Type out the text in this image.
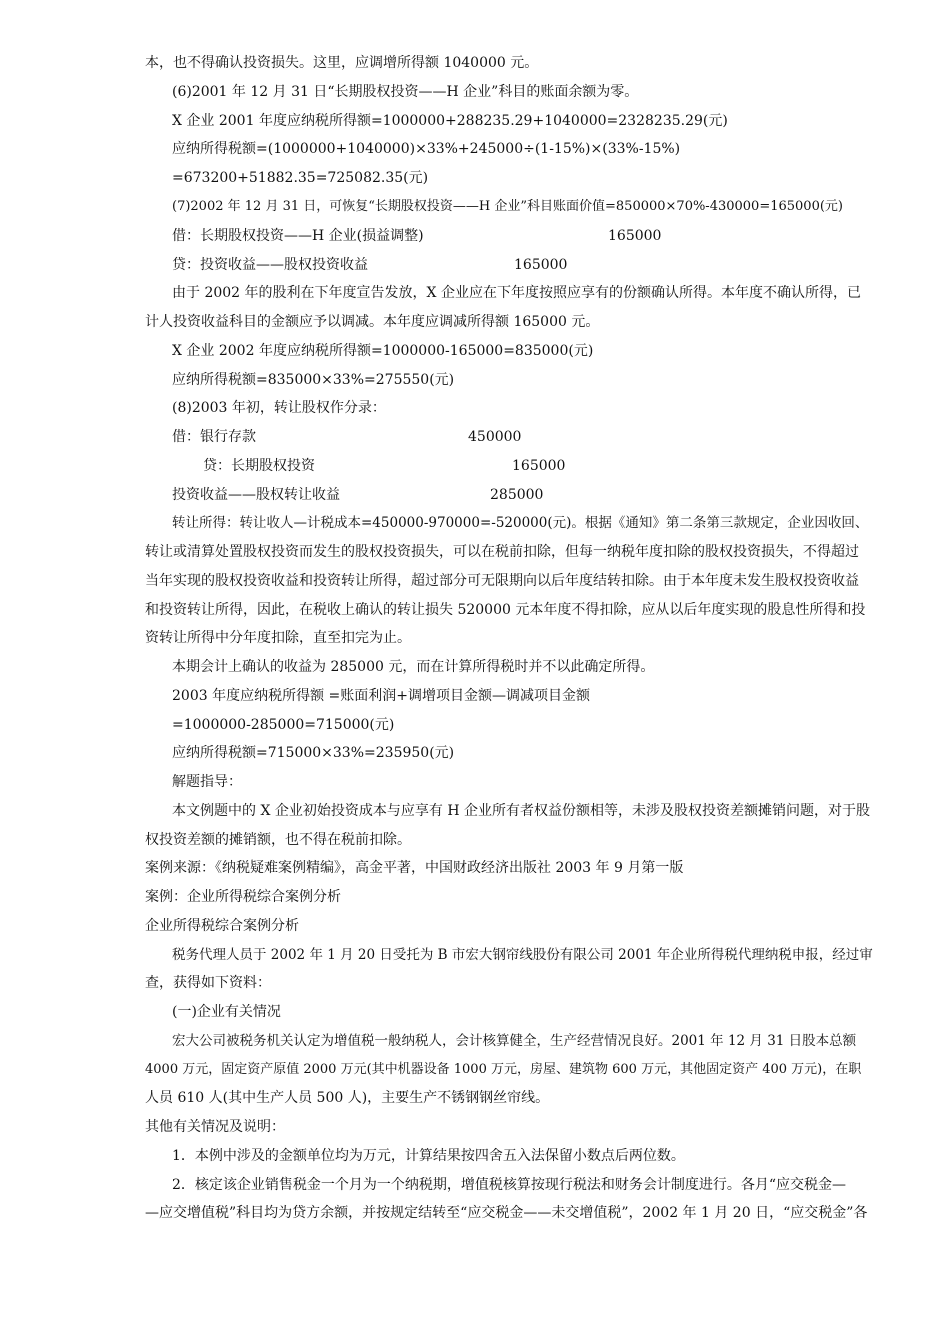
本，也不得确认投资损失。这里，应调增所得额 1040000 元。
(6)2001 年 12 月 31 日“长期股权投资——H 企业”科目的账面余额为零。
X 企业 2001 年度应纳税所得额=1000000+288235.29+1040000=2328235.29(元)
应纳所得税额=(1000000+1040000)×33%+245000÷(1-15%)×(33%-15%)
=673200+51882.35=725082.35(元)
(7)2002 年 12 月 31 日，可恢复“长期股权投资——H 企业”科目账面价值=850000×70%-430000=165000(元)
借：长期股权投资——H 企业(损益调整)	165000
贷：投资收益——股权投资收益	165000
由于 2002 年的股利在下年度宣告发放，X 企业应在下年度按照应享有的份额确认所得。本年度不确认所得，已
计人投资收益科目的金额应予以调减。本年度应调减所得额 165000 元。
X 企业 2002 年度应纳税所得额=1000000-165000=835000(元)
应纳所得税额=835000×33%=275550(元)
(8)2003 年初，转让股权作分录：
借：银行存款	450000
贷：长期股权投资	165000
投资收益——股权转让收益	285000
转让所得：转让收人—计税成本=450000-970000=-520000(元)。根据《通知》第二条第三款规定，企业因收回、
转让或清算处置股权投资而发生的股权投资损失，可以在税前扣除，但每一纳税年度扣除的股权投资损失，不得超过
当年实现的股权投资收益和投资转让所得，超过部分可无限期向以后年度结转扣除。由于本年度未发生股权投资收益
和投资转让所得，因此，在税收上确认的转让损失 520000 元本年度不得扣除，应从以后年度实现的股息性所得和投
资转让所得中分年度扣除，直至扣完为止。
本期会计上确认的收益为 285000 元，而在计算所得税时并不以此确定所得。
2003 年度应纳税所得额 =账面利润+调增项目金额—调减项目金额
=1000000-285000=715000(元)
应纳所得税额=715000×33%=235950(元)
解题指导：
本文例题中的 X 企业初始投资成本与应享有 H 企业所有者权益份额相等，未涉及股权投资差额摊销问题，对于股
权投资差额的摊销额，也不得在税前扣除。
案例来源：《纳税疑难案例精编》，高金平著，中国财政经济出版社 2003 年 9 月第一版
案例：企业所得税综合案例分析
企业所得税综合案例分析
税务代理人员于 2002 年 1 月 20 日受托为 B 市宏大钢帘线股份有限公司 2001 年企业所得税代理纳税申报，经过审
查，获得如下资料：
(一)企业有关情况
宏大公司被税务机关认定为增值税一般纳税人，会计核算健全，生产经营情况良好。2001 年 12 月 31 日股本总额
4000 万元，固定资产原值 2000 万元(其中机器设备 1000 万元，房屋、建筑物 600 万元，其他固定资产 400 万元)，在职
人员 610 人(其中生产人员 500 人)，主要生产不锈钢钢丝帘线。
其他有关情况及说明：
1．本例中涉及的金额单位均为万元，计算结果按四舍五入法保留小数点后两位数。
2．核定该企业销售税金一个月为一个纳税期，增值税核算按现行税法和财务会计制度进行。各月“应交税金—
—应交增值税”科目均为贷方余额，并按规定结转至“应交税金——未交增值税”，2002 年 1 月 20 日，“应交税金”各
